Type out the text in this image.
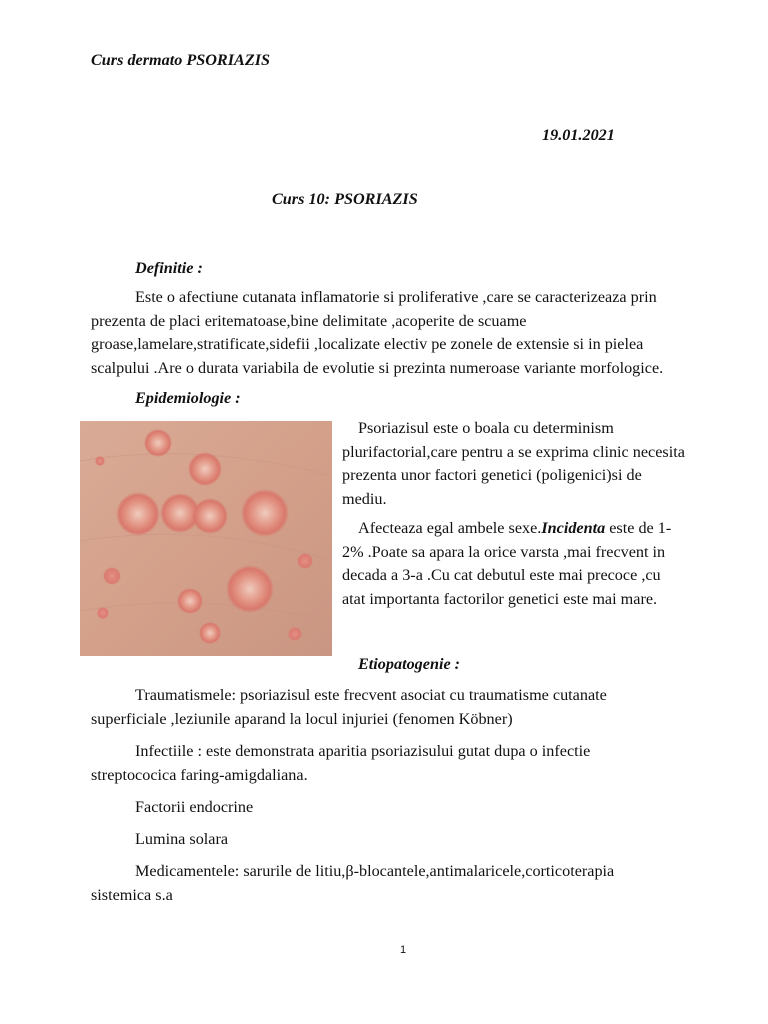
Curs dermato PSORIAZIS
19.01.2021
Curs 10: PSORIAZIS
Definitie :
Este o afectiune cutanata inflamatorie si proliferative ,care se caracterizeaza prin
prezenta de placi eritematoase,bine delimitate ,acoperite de scuame
groase,lamelare,stratificate,sidefii ,localizate electiv pe zonele de extensie si in pielea
scalpului .Are o durata variabila de evolutie si prezinta numeroase variante morfologice.
Epidemiologie :
Psoriazisul este o boala cu determinism
plurifactorial,care pentru a se exprima clinic necesita
prezenta unor factori genetici (poligenici)si de
mediu.
Afecteaza egal ambele sexe.Incidenta este de 1-
2% .Poate sa apara la orice varsta ,mai frecvent in
decada a 3-a .Cu cat debutul este mai precoce ,cu
atat importanta factorilor genetici este mai mare.
Etiopatogenie :
Traumatismele: psoriazisul este frecvent asociat cu traumatisme cutanate
superficiale ,leziunile aparand la locul injuriei (fenomen Köbner)
Infectiile : este demonstrata aparitia psoriazisului gutat dupa o infectie
streptococica faring-amigdaliana.
Factorii endocrine
Lumina solara
Medicamentele: sarurile de litiu,β-blocantele,antimalaricele,corticoterapia
sistemica s.a
1
